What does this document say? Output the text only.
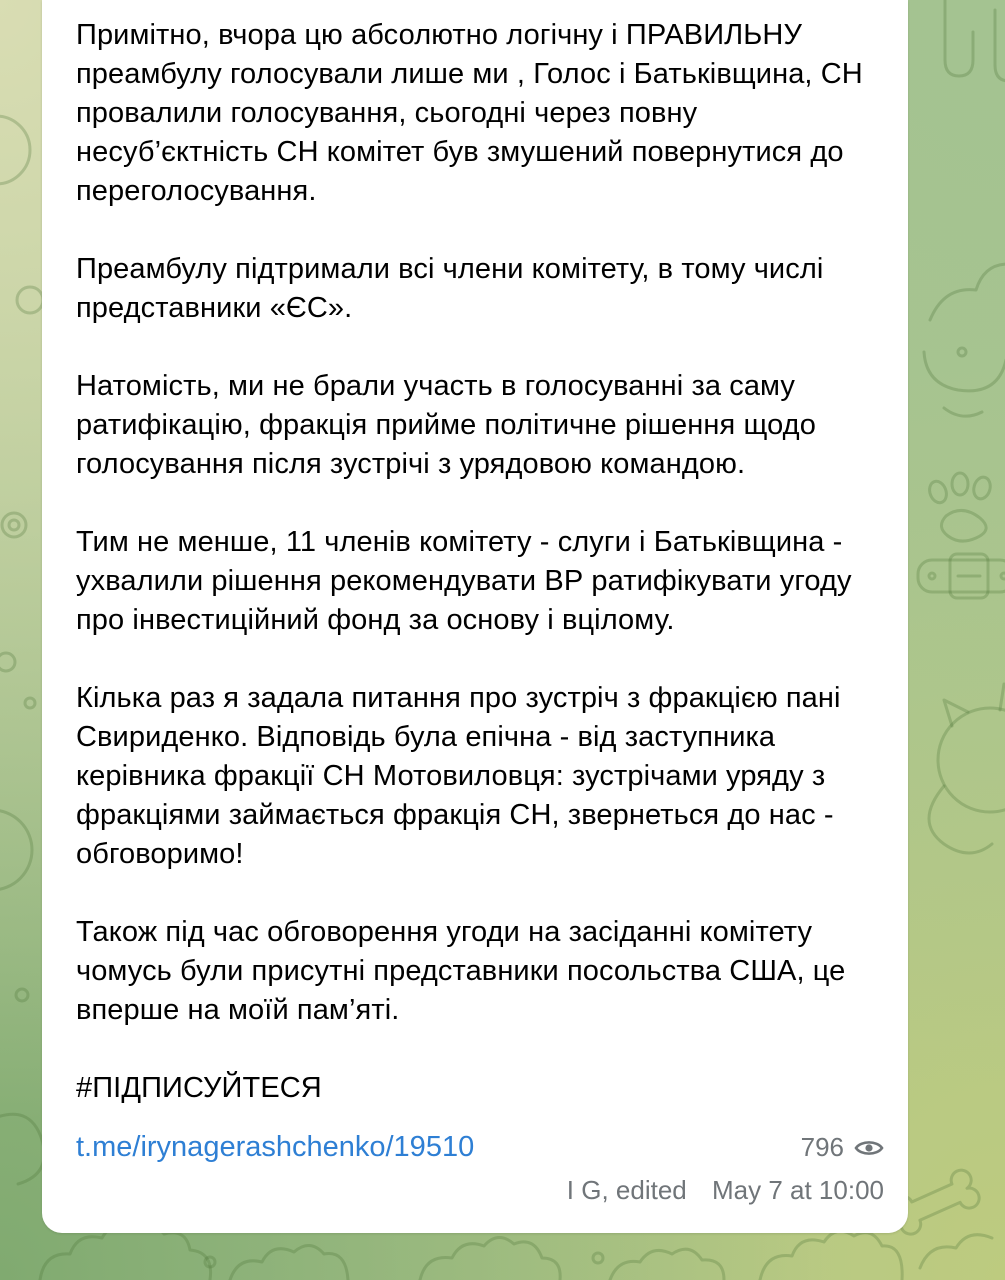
Примітно, вчора цю абсолютно логічну і ПРАВИЛЬНУ преамбулу голосували лише ми , Голос і Батьківщина, СН провалили голосування, сьогодні через повну несуб’єктність СН комітет був змушений повернутися до переголосування.

Преамбулу підтримали всі члени комітету, в тому числі представники «ЄС».

Натомість, ми не брали участь в голосуванні за саму ратифікацію, фракція прийме політичне рішення щодо голосування після зустрічі з урядовою командою.

Тим не менше, 11 членів комітету - слуги і Батьківщина - ухвалили рішення рекомендувати ВР ратифікувати угоду про інвестиційний фонд за основу і вцілому.

Кілька раз я задала питання про зустріч з фракцією пані Свириденко. Відповідь була епічна - від заступника керівника фракції СН Мотовиловця: зустрічами уряду з фракціями займається фракція СН, звернеться до нас - обговоримо!

Також під час обговорення угоди на засіданні комітету чомусь були присутні представники посольства США, це вперше на моїй пам’яті.

#ПІДПИСУЙТЕСЯ

t.me/irynagerashchenko/19510	796
I G, edited May 7 at 10:00
